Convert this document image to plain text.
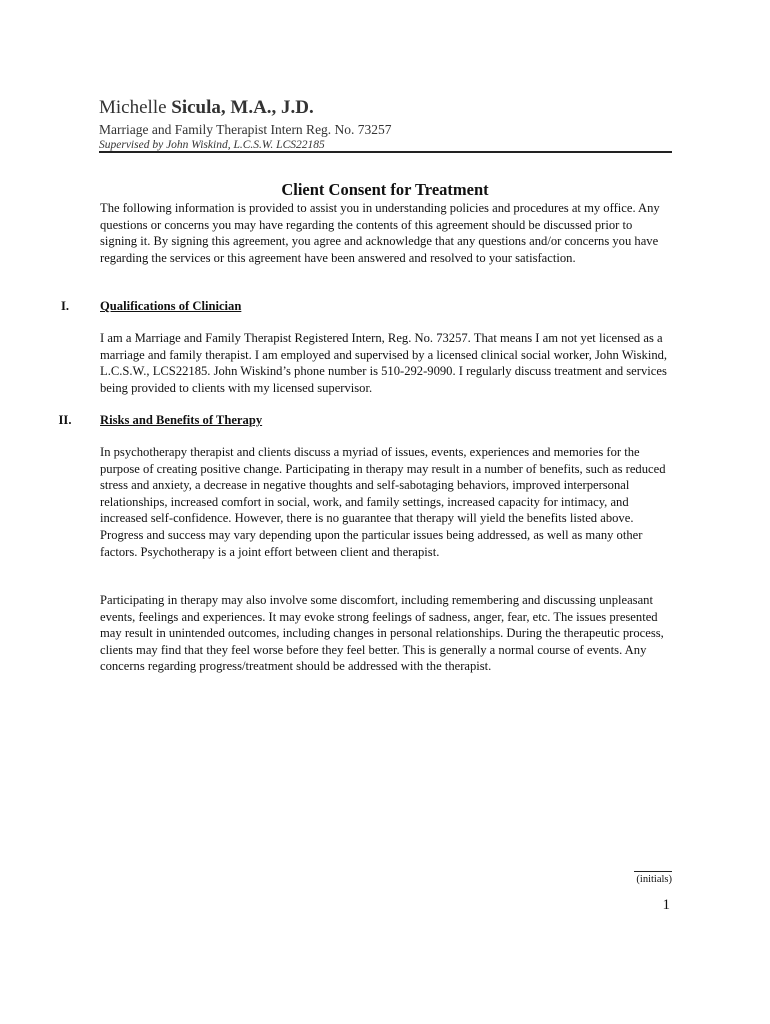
Michelle Sicula, M.A., J.D.
Marriage and Family Therapist Intern Reg. No. 73257
Supervised by John Wiskind, L.C.S.W. LCS22185
Client Consent for Treatment

The following information is provided to assist you in understanding policies and procedures at my office. Any questions or concerns you may have regarding the contents of this agreement should be discussed prior to signing it. By signing this agreement, you agree and acknowledge that any questions and/or concerns you have regarding the services or this agreement have been answered and resolved to your satisfaction.

I.	Qualifications of Clinician

I am a Marriage and Family Therapist Registered Intern, Reg. No. 73257. That means I am not yet licensed as a marriage and family therapist. I am employed and supervised by a licensed clinical social worker, John Wiskind, L.C.S.W., LCS22185. John Wiskind’s phone number is 510-292-9090. I regularly discuss treatment and services being provided to clients with my licensed supervisor.

II.	Risks and Benefits of Therapy

In psychotherapy therapist and clients discuss a myriad of issues, events, experiences and memories for the purpose of creating positive change. Participating in therapy may result in a number of benefits, such as reduced stress and anxiety, a decrease in negative thoughts and self-sabotaging behaviors, improved interpersonal relationships, increased comfort in social, work, and family settings, increased capacity for intimacy, and increased self-confidence. However, there is no guarantee that therapy will yield the benefits listed above. Progress and success may vary depending upon the particular issues being addressed, as well as many other factors. Psychotherapy is a joint effort between client and therapist.

Participating in therapy may also involve some discomfort, including remembering and discussing unpleasant events, feelings and experiences. It may evoke strong feelings of sadness, anger, fear, etc. The issues presented may result in unintended outcomes, including changes in personal relationships. During the therapeutic process, clients may find that they feel worse before they feel better. This is generally a normal course of events. Any concerns regarding progress/treatment should be addressed with the therapist.

(initials)
1
